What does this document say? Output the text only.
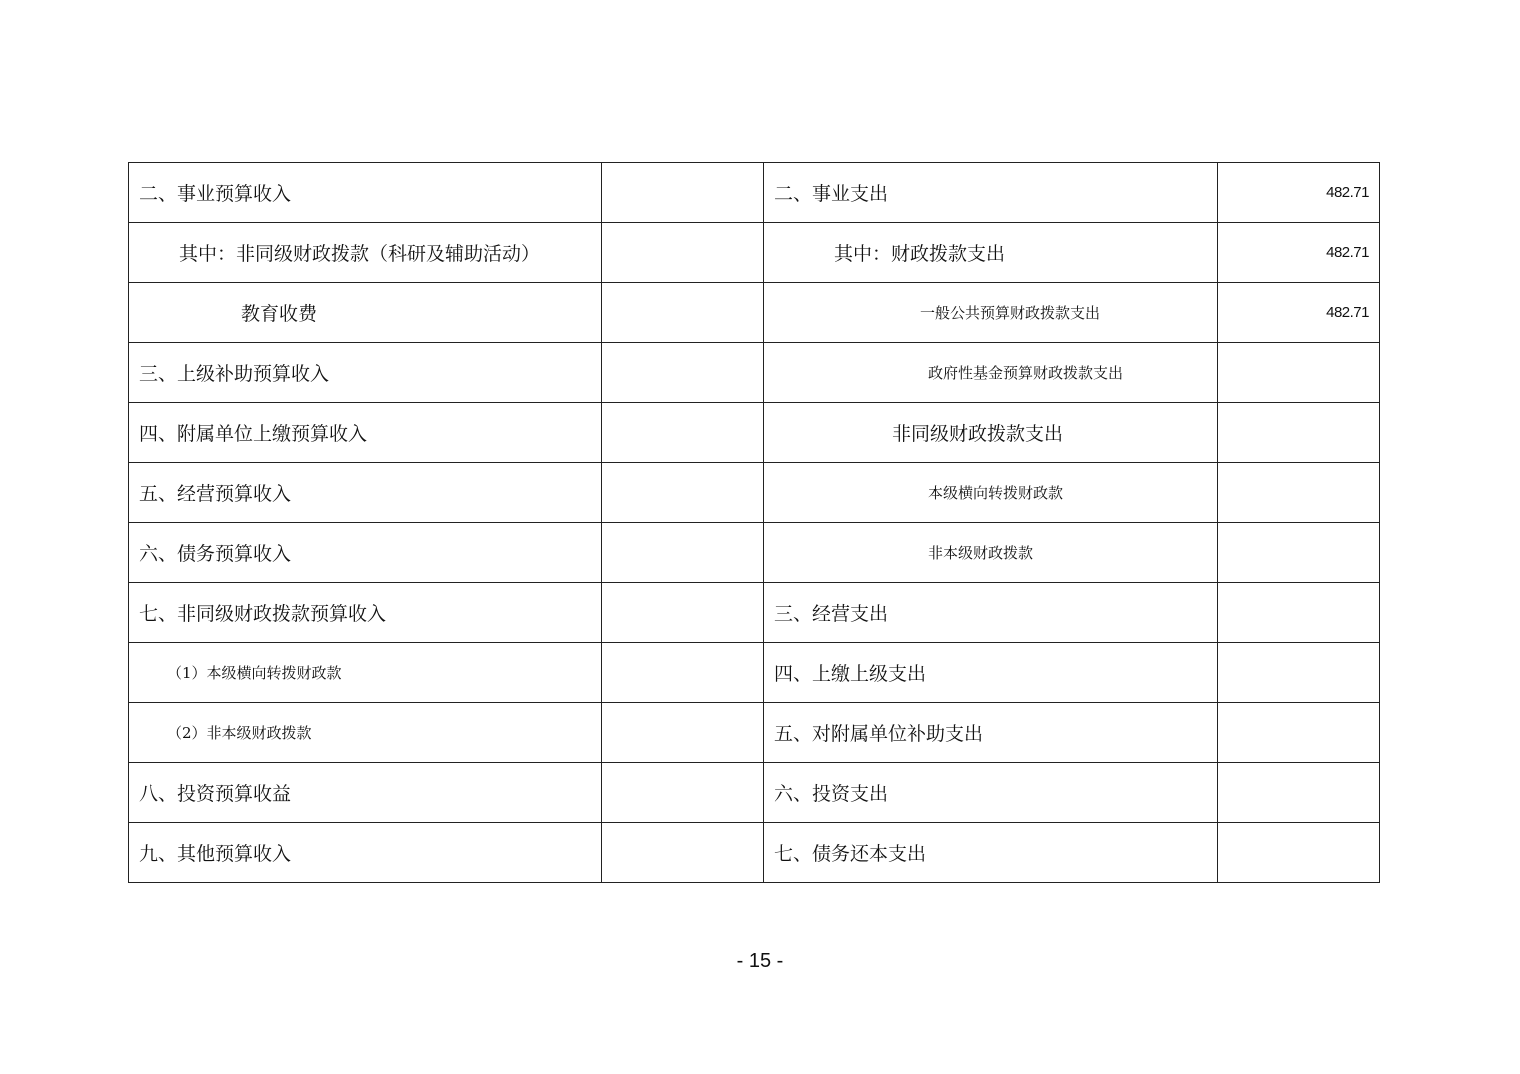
二、事业预算收入		二、事业支出	482.71
其中：非同级财政拨款（科研及辅助活动）		其中：财政拨款支出	482.71
教育收费		一般公共预算财政拨款支出	482.71
三、上级补助预算收入		政府性基金预算财政拨款支出	
四、附属单位上缴预算收入		非同级财政拨款支出	
五、经营预算收入		本级横向转拨财政款	
六、债务预算收入		非本级财政拨款	
七、非同级财政拨款预算收入		三、经营支出	
（1）本级横向转拨财政款		四、上缴上级支出	
（2）非本级财政拨款		五、对附属单位补助支出	
八、投资预算收益		六、投资支出	
九、其他预算收入		七、债务还本支出	
- 15 -
